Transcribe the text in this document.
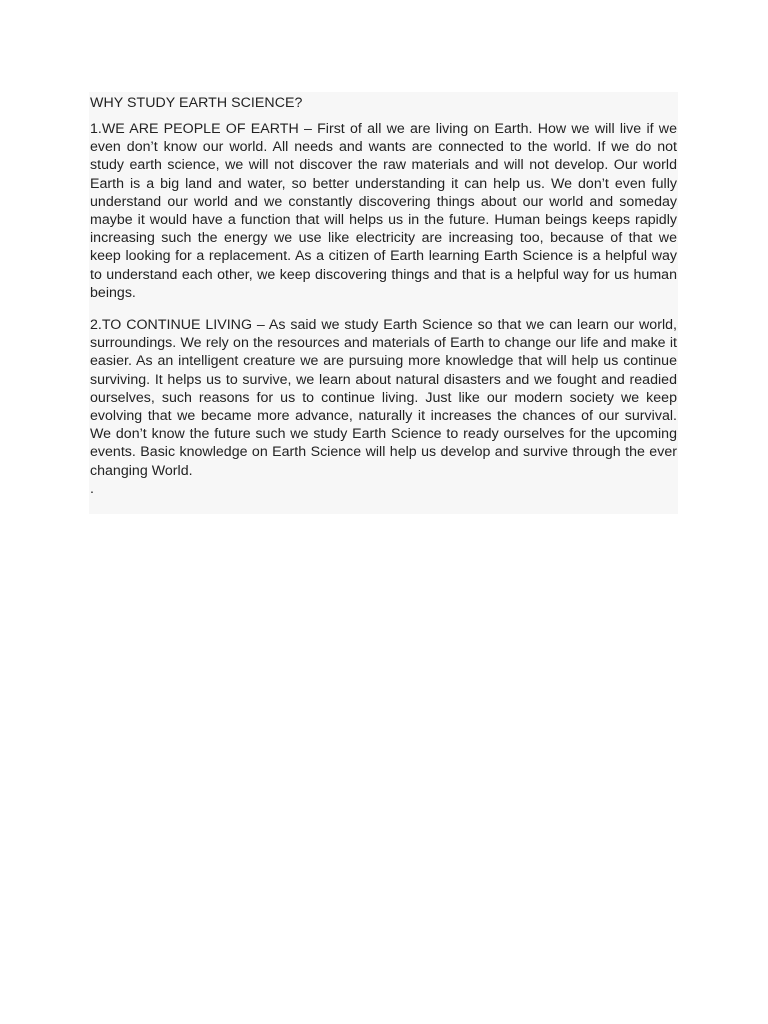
WHY STUDY EARTH SCIENCE?

1.WE ARE PEOPLE OF EARTH – First of all we are living on Earth. How we will live if we even don’t know our world. All needs and wants are connected to the world. If we do not study earth science, we will not discover the raw materials and will not develop. Our world Earth is a big land and water, so better understanding it can help us. We don’t even fully understand our world and we constantly discovering things about our world and someday maybe it would have a function that will helps us in the future. Human beings keeps rapidly increasing such the energy we use like electricity are increasing too, because of that we keep looking for a replacement. As a citizen of Earth learning Earth Science is a helpful way to understand each other, we keep discovering things and that is a helpful way for us human beings.

2.TO CONTINUE LIVING – As said we study Earth Science so that we can learn our world, surroundings. We rely on the resources and materials of Earth to change our life and make it easier. As an intelligent creature we are pursuing more knowledge that will help us continue surviving. It helps us to survive, we learn about natural disasters and we fought and readied ourselves, such reasons for us to continue living. Just like our modern society we keep evolving that we became more advance, naturally it increases the chances of our survival. We don’t know the future such we study Earth Science to ready ourselves for the upcoming events. Basic knowledge on Earth Science will help us develop and survive through the ever changing World.

.
